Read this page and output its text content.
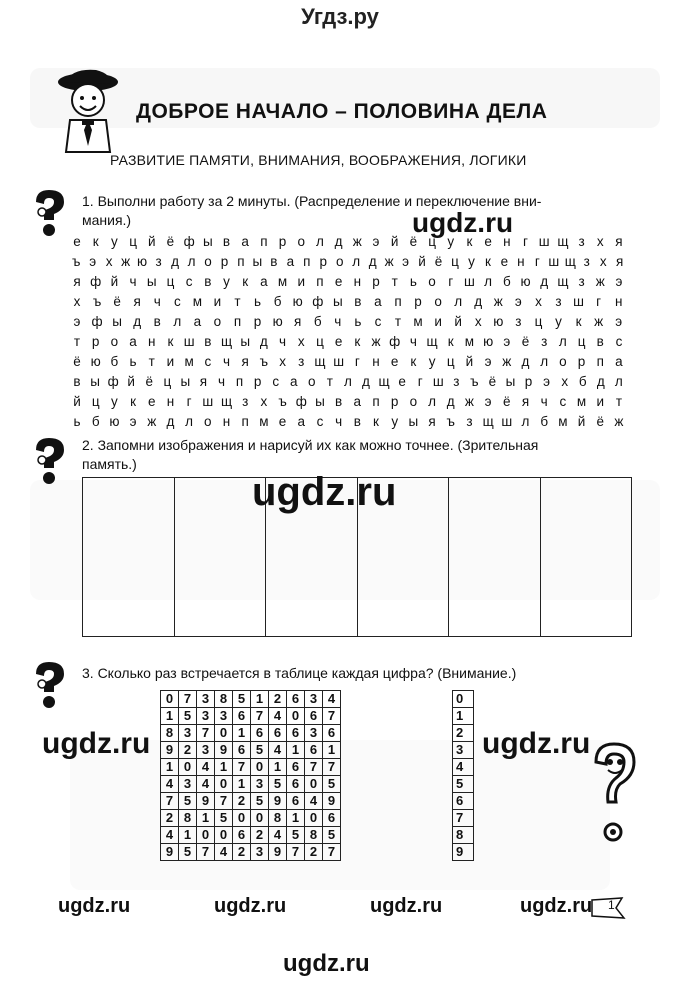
Угдз.ру
ДОБРОЕ НАЧАЛО – ПОЛОВИНА ДЕЛА
РАЗВИТИЕ ПАМЯТИ, ВНИМАНИЯ, ВООБРАЖЕНИЯ, ЛОГИКИ
1. Выполни работу за 2 минуты. (Распределение и переключение вни-
мания.)
е к у ц й ё ф ы в а п р о л д ж э й ё ц у к е н г ш щ з х я
ъ э х ж ю з д л о р п ы в а п р о л д ж э й ё ц у к е н г ш щ з х я
я ф й ч ы ц с в у к а м и п е н р т ь о г ш л б ю д щ з ж э
х ъ ё я ч с м и т ь б ю ф ы в а п р о л д ж э х	з ш г	н
э ф ы д в л а о п р ю я б ч ь с	т м и й х ю з ц у	к ж э
т р о а н к ш в щ ы д ч х ц е к ж ф ч щ к м ю э ё з л ц в с
ё ю б ь т и м с ч я ъ х з щ ш г н е к у ц й э ж д л о р п а
в ы ф й ё ц ы я ч п р с а о т л д щ е г ш з ъ ё ы р э х б д л
й ц у к е н г ш щ з х ъ ф ы в а п р о л д ж э ё я ч с м и т
ь б ю э ж д л о н п м е а с ч в к у ы я ъ з щ ш л б м й ё ж
2. Запомни изображения и нарисуй их как можно точнее. (Зрительная
память.)
3. Сколько раз встречается в таблице каждая цифра? (Внимание.)
0	7	3	8	5	1	2	6	3	4
1	5	3	3	6	7	4	0	6	7
8	3	7	0	1	6	6	6	3	6
9	2	3	9	6	5	4	1	6	1
1	0	4	1	7	0	1	6	7	7
4	3	4	0	1	3	5	6	0	5
7	5	9	7	2	5	9	6	4	9
2	8	1	5	0	0	8	1	0	6
4	1	0	0	6	2	4	5	8	5
9	5	7	4	2	3	9	7	2	7
0	
1	
2	
3	
4	
5	
6	
7	
8	
9	
ugdz.ru
ugdz.ru
ugdz.ru	ugdz.ru
ugdz.ru
ugdz.ru	ugdz.ru	ugdz.ru	ugdz.ru 1
